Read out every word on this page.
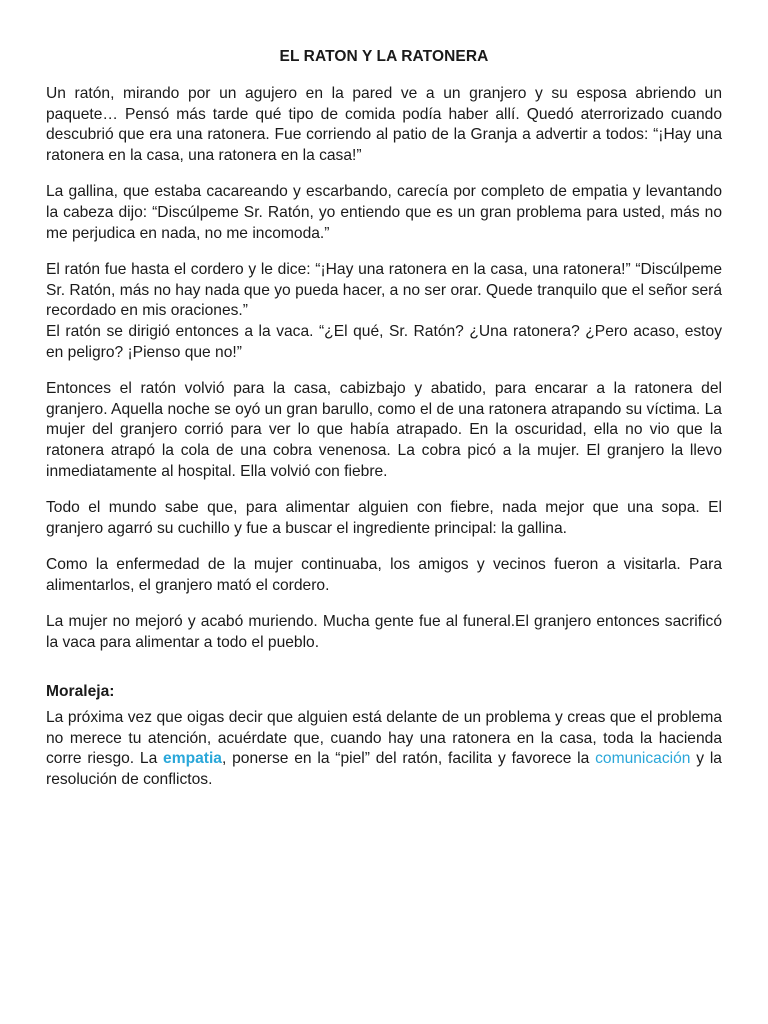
EL RATON Y LA RATONERA

Un ratón, mirando por un agujero en la pared ve a un granjero y su esposa abriendo un paquete… Pensó más tarde qué tipo de comida podía haber allí. Quedó aterrorizado cuando descubrió que era una ratonera. Fue corriendo al patio de la Granja a advertir a todos: “¡Hay una ratonera en la casa, una ratonera en la casa!”

La gallina, que estaba cacareando y escarbando, carecía por completo de empatia y levantando la cabeza dijo: “Discúlpeme Sr. Ratón, yo entiendo que es un gran problema para usted, más no me perjudica en nada, no me incomoda.”

El ratón fue hasta el cordero y le dice: “¡Hay una ratonera en la casa, una ratonera!” “Discúlpeme Sr. Ratón, más no hay nada que yo pueda hacer, a no ser orar. Quede tranquilo que el señor será recordado en mis oraciones.”

El ratón se dirigió entonces a la vaca. “¿El qué, Sr. Ratón? ¿Una ratonera? ¿Pero acaso, estoy en peligro? ¡Pienso que no!”

Entonces el ratón volvió para la casa, cabizbajo y abatido, para encarar a la ratonera del granjero. Aquella noche se oyó un gran barullo, como el de una ratonera atrapando su víctima. La mujer del granjero corrió para ver lo que había atrapado. En la oscuridad, ella no vio que la ratonera atrapó la cola de una cobra venenosa. La cobra picó a la mujer. El granjero la llevo inmediatamente al hospital. Ella volvió con fiebre.

Todo el mundo sabe que, para alimentar alguien con fiebre, nada mejor que una sopa. El granjero agarró su cuchillo y fue a buscar el ingrediente principal: la gallina.

Como la enfermedad de la mujer continuaba, los amigos y vecinos fueron a visitarla. Para alimentarlos, el granjero mató el cordero.

La mujer no mejoró y acabó muriendo. Mucha gente fue al funeral.El granjero entonces sacrificó la vaca para alimentar a todo el pueblo.

Moraleja:

La próxima vez que oigas decir que alguien está delante de un problema y creas que el problema no merece tu atención, acuérdate que, cuando hay una ratonera en la casa, toda la hacienda corre riesgo. La empatia, ponerse en la “piel” del ratón, facilita y favorece la comunicación y la resolución de conflictos.
